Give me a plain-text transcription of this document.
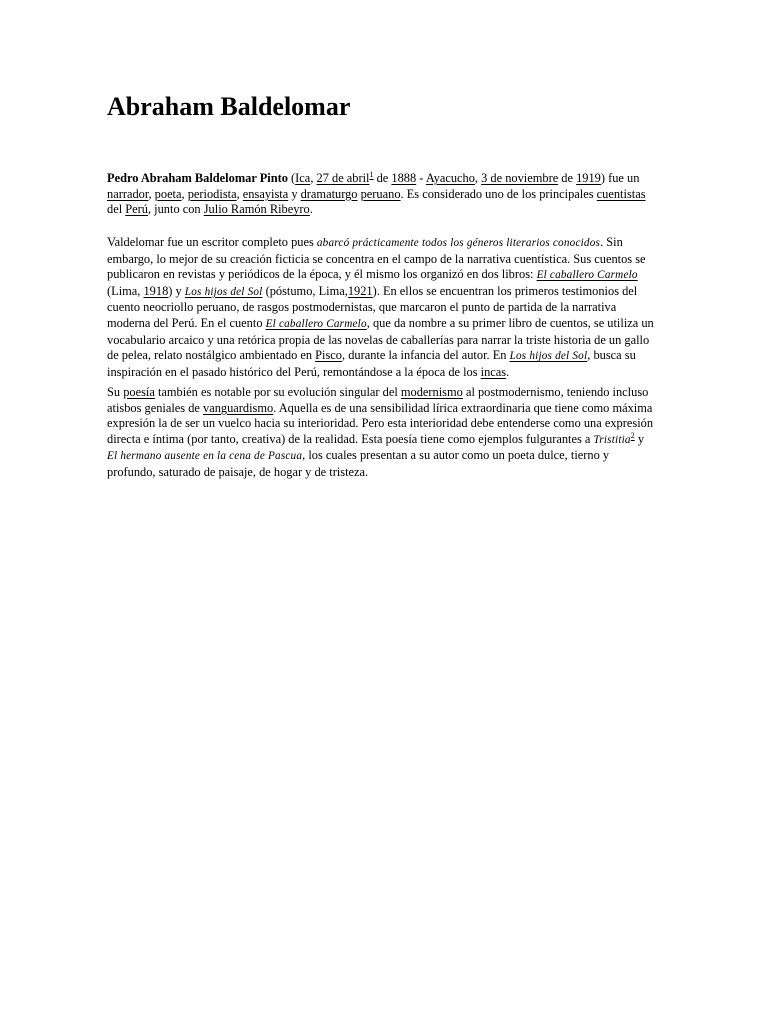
Abraham Baldelomar

Pedro Abraham Baldelomar Pinto (Ica, 27 de abril$^1$ de 1888 - Ayacucho, 3 de noviembre de 1919) fue un narrador, poeta, periodista, ensayista y dramaturgo peruano. Es considerado uno de los principales cuentistas del Perú, junto con Julio Ramón Ribeyro.

Valdelomar fue un escritor completo pues abarcó prácticamente todos los géneros literarios conocidos. Sin embargo, lo mejor de su creación ficticia se concentra en el campo de la narrativa cuentística. Sus cuentos se publicaron en revistas y periódicos de la época, y él mismo los organizó en dos libros: El caballero Carmelo (Lima, 1918) y Los hijos del Sol (póstumo, Lima,1921). En ellos se encuentran los primeros testimonios del cuento neocriollo peruano, de rasgos postmodernistas, que marcaron el punto de partida de la narrativa moderna del Perú. En el cuento El caballero Carmelo, que da nombre a su primer libro de cuentos, se utiliza un vocabulario arcaico y una retórica propia de las novelas de caballerías para narrar la triste historia de un gallo de pelea, relato nostálgico ambientado en Pisco, durante la infancia del autor. En Los hijos del Sol, busca su inspiración en el pasado histórico del Perú, remontándose a la época de los incas.

Su poesía también es notable por su evolución singular del modernismo al postmodernismo, teniendo incluso atisbos geniales de vanguardismo. Aquella es de una sensibilidad lírica extraordinaria que tiene como máxima expresión la de ser un vuelco hacia su interioridad. Pero esta interioridad debe entenderse como una expresión directa e íntima (por tanto, creativa) de la realidad. Esta poesía tiene como ejemplos fulgurantes a Tristitia$^2$ y El hermano ausente en la cena de Pascua, los cuales presentan a su autor como un poeta dulce, tierno y profundo, saturado de paisaje, de hogar y de tristeza.
